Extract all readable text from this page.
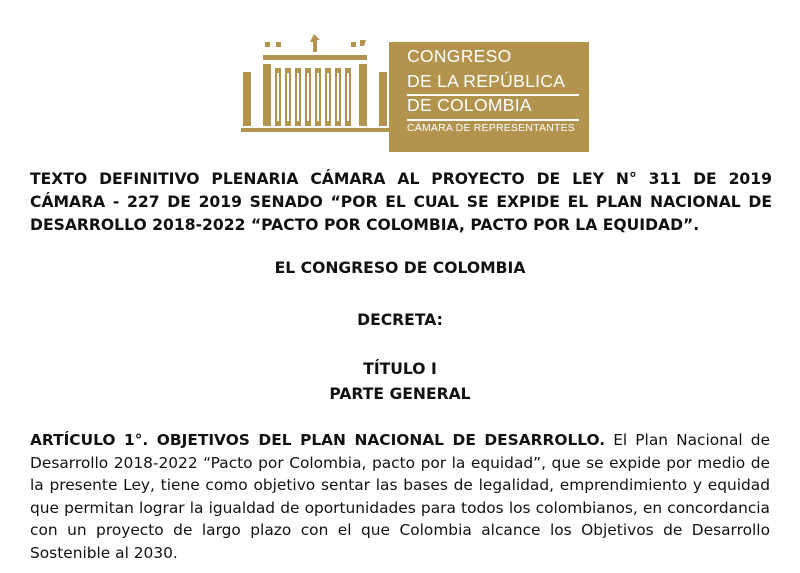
CONGRESO
DE LA REPÚBLICA
DE COLOMBIA
CÁMARA DE REPRESENTANTES

TEXTO DEFINITIVO PLENARIA CÁMARA AL PROYECTO DE LEY N° 311 DE 2019 CÁMARA - 227 DE 2019 SENADO “POR EL CUAL SE EXPIDE EL PLAN NACIONAL DE DESARROLLO 2018-2022 “PACTO POR COLOMBIA, PACTO POR LA EQUIDAD”.

EL CONGRESO DE COLOMBIA

DECRETA:

TÍTULO I

PARTE GENERAL

ARTÍCULO 1°. OBJETIVOS DEL PLAN NACIONAL DE DESARROLLO. El Plan Nacional de Desarrollo 2018-2022 “Pacto por Colombia, pacto por la equidad”, que se expide por medio de la presente Ley, tiene como objetivo sentar las bases de legalidad, emprendimiento y equidad que permitan lograr la igualdad de oportunidades para todos los colombianos, en concordancia con un proyecto de largo plazo con el que Colombia alcance los Objetivos de Desarrollo Sostenible al 2030.
